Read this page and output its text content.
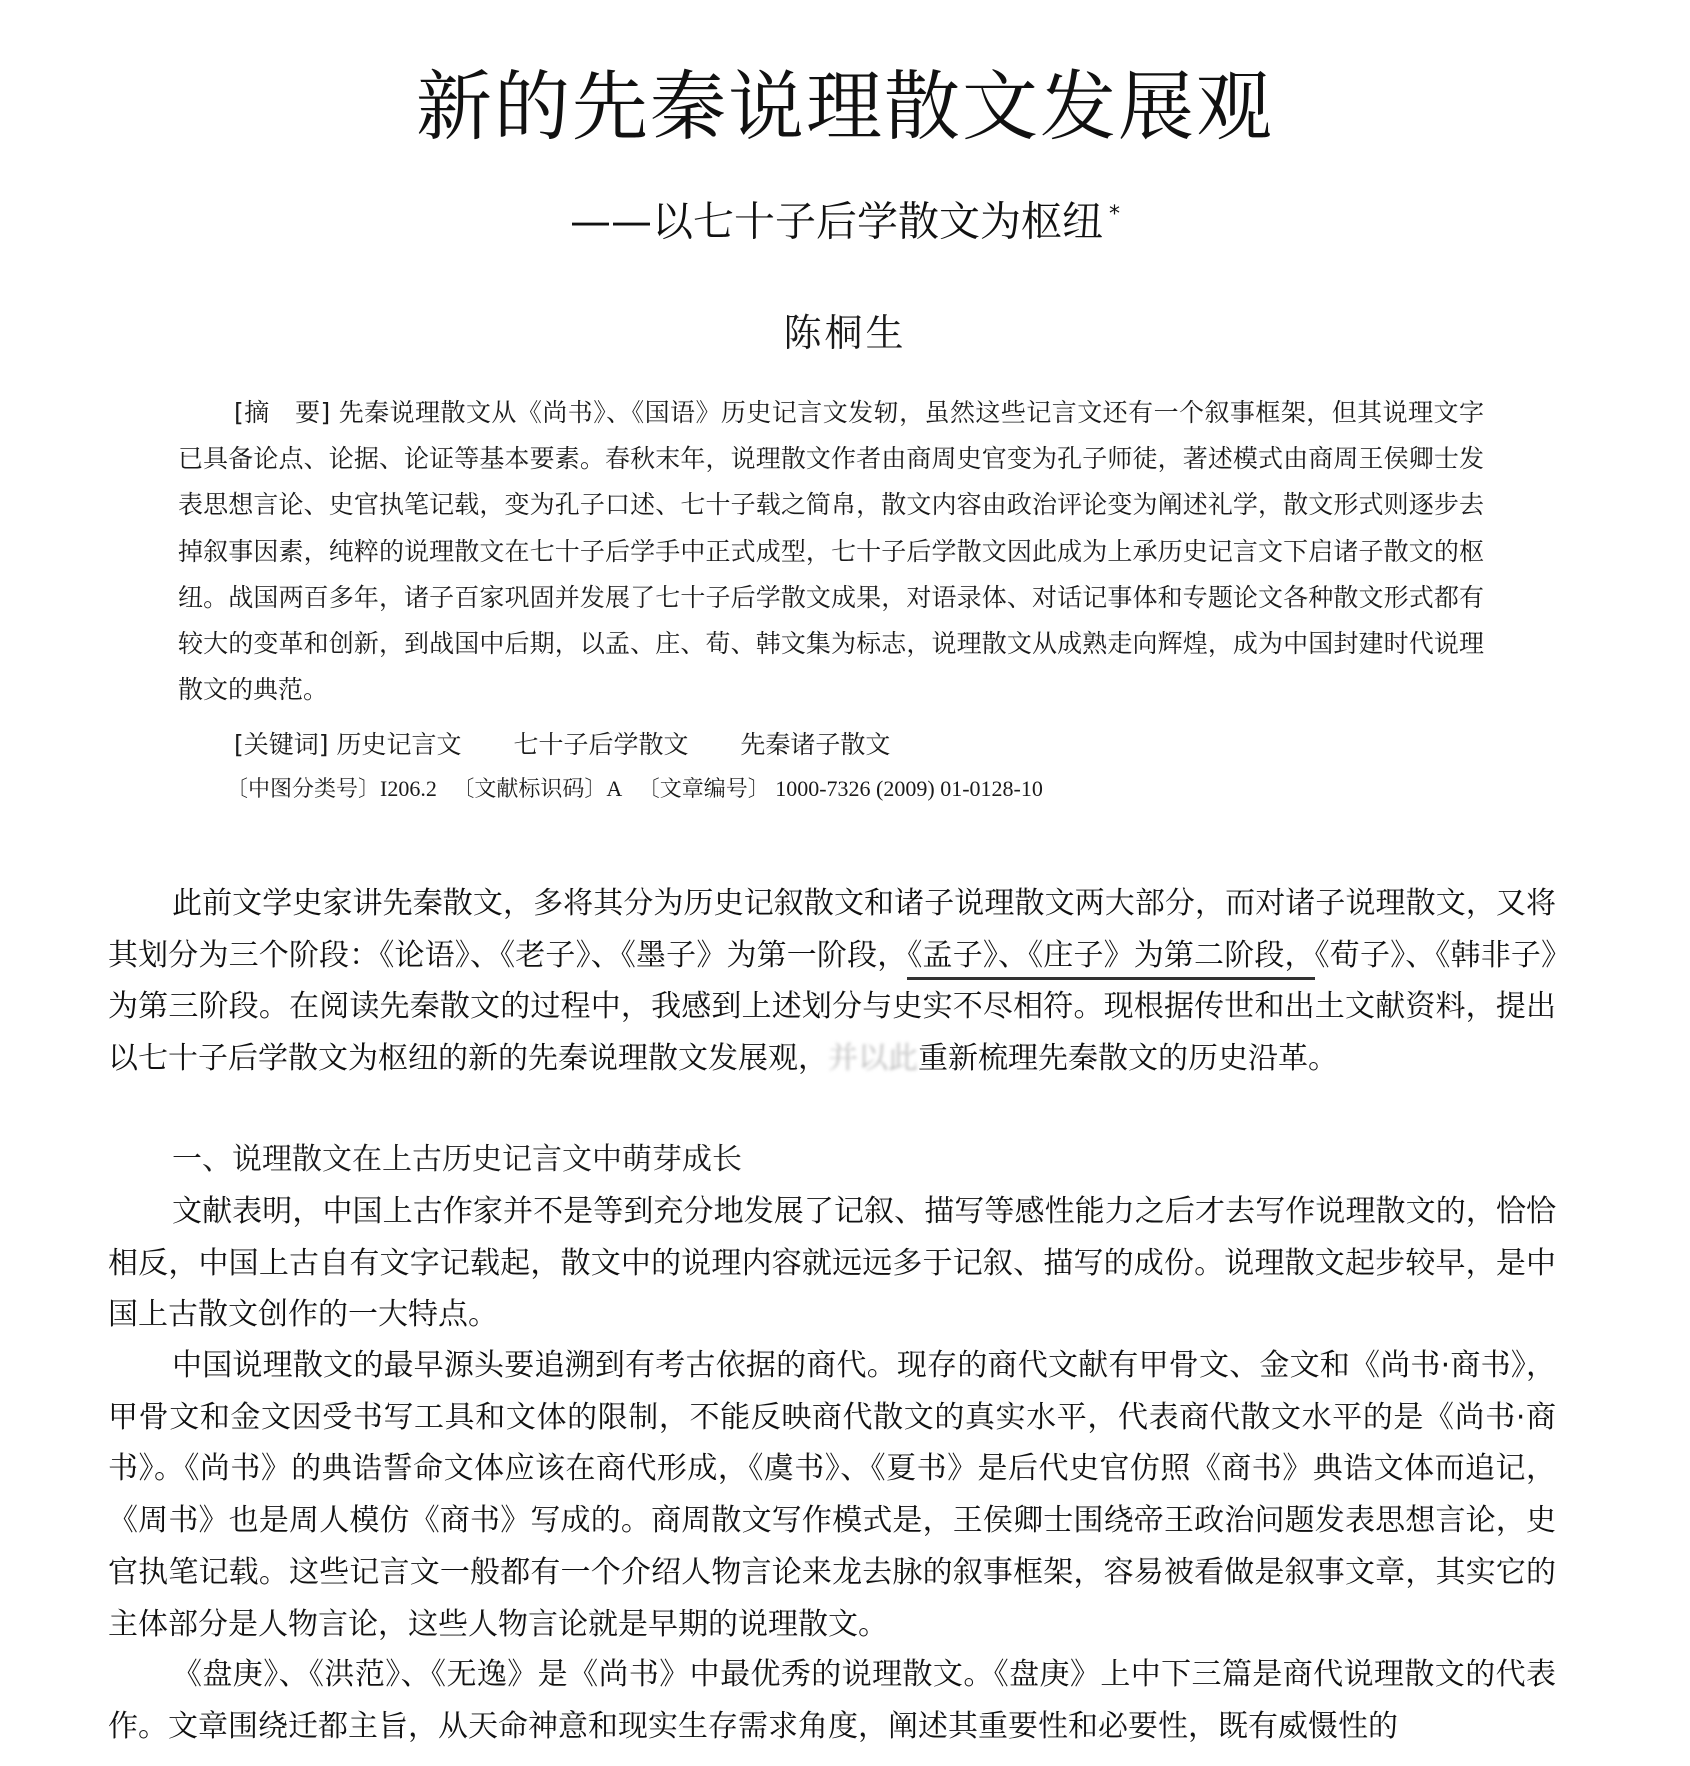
新的先秦说理散文发展观
——以七十子后学散文为枢纽 *
陈桐生

[摘　要] 先秦说理散文从《尚书》、《国语》历史记言文发轫，虽然这些记言文还有一个叙事框架，但其说理文字已具备论点、论据、论证等基本要素。春秋末年，说理散文作者由商周史官变为孔子师徒，著述模式由商周王侯卿士发表思想言论、史官执笔记载，变为孔子口述、七十子载之简帛，散文内容由政治评论变为阐述礼学，散文形式则逐步去掉叙事因素，纯粹的说理散文在七十子后学手中正式成型，七十子后学散文因此成为上承历史记言文下启诸子散文的枢纽。战国两百多年，诸子百家巩固并发展了七十子后学散文成果，对语录体、对话记事体和专题论文各种散文形式都有较大的变革和创新，到战国中后期，以孟、庄、荀、韩文集为标志，说理散文从成熟走向辉煌，成为中国封建时代说理散文的典范。

[关键词] 历史记言文 七十子后学散文 先秦诸子散文
〔中图分类号〕I206.2 〔文献标识码〕A 〔文章编号〕 1000-7326 (2009) 01-0128-10

此前文学史家讲先秦散文，多将其分为历史记叙散文和诸子说理散文两大部分，而对诸子说理散文，又将其划分为三个阶段：《论语》、《老子》、《墨子》为第一阶段，《孟子》、《庄子》为第二阶段，《荀子》、《韩非子》为第三阶段。在阅读先秦散文的过程中，我感到上述划分与史实不尽相符。现根据传世和出土文献资料，提出以七十子后学散文为枢纽的新的先秦说理散文发展观，并以此重新梳理先秦散文的历史沿革。

一、说理散文在上古历史记言文中萌芽成长

文献表明，中国上古作家并不是等到充分地发展了记叙、描写等感性能力之后才去写作说理散文的，恰恰相反，中国上古自有文字记载起，散文中的说理内容就远远多于记叙、描写的成份。说理散文起步较早，是中国上古散文创作的一大特点。

中国说理散文的最早源头要追溯到有考古依据的商代。现存的商代文献有甲骨文、金文和《尚书·商书》，甲骨文和金文因受书写工具和文体的限制，不能反映商代散文的真实水平，代表商代散文水平的是《尚书·商书》。《尚书》的典诰誓命文体应该在商代形成，《虞书》、《夏书》是后代史官仿照《商书》典诰文体而追记，《周书》也是周人模仿《商书》写成的。商周散文写作模式是，王侯卿士围绕帝王政治问题发表思想言论，史官执笔记载。这些记言文一般都有一个介绍人物言论来龙去脉的叙事框架，容易被看做是叙事文章，其实它的主体部分是人物言论，这些人物言论就是早期的说理散文。

《盘庚》、《洪范》、《无逸》是《尚书》中最优秀的说理散文。《盘庚》上中下三篇是商代说理散文的代表作。文章围绕迁都主旨，从天命神意和现实生存需求角度，阐述其重要性和必要性，既有威慑性的
